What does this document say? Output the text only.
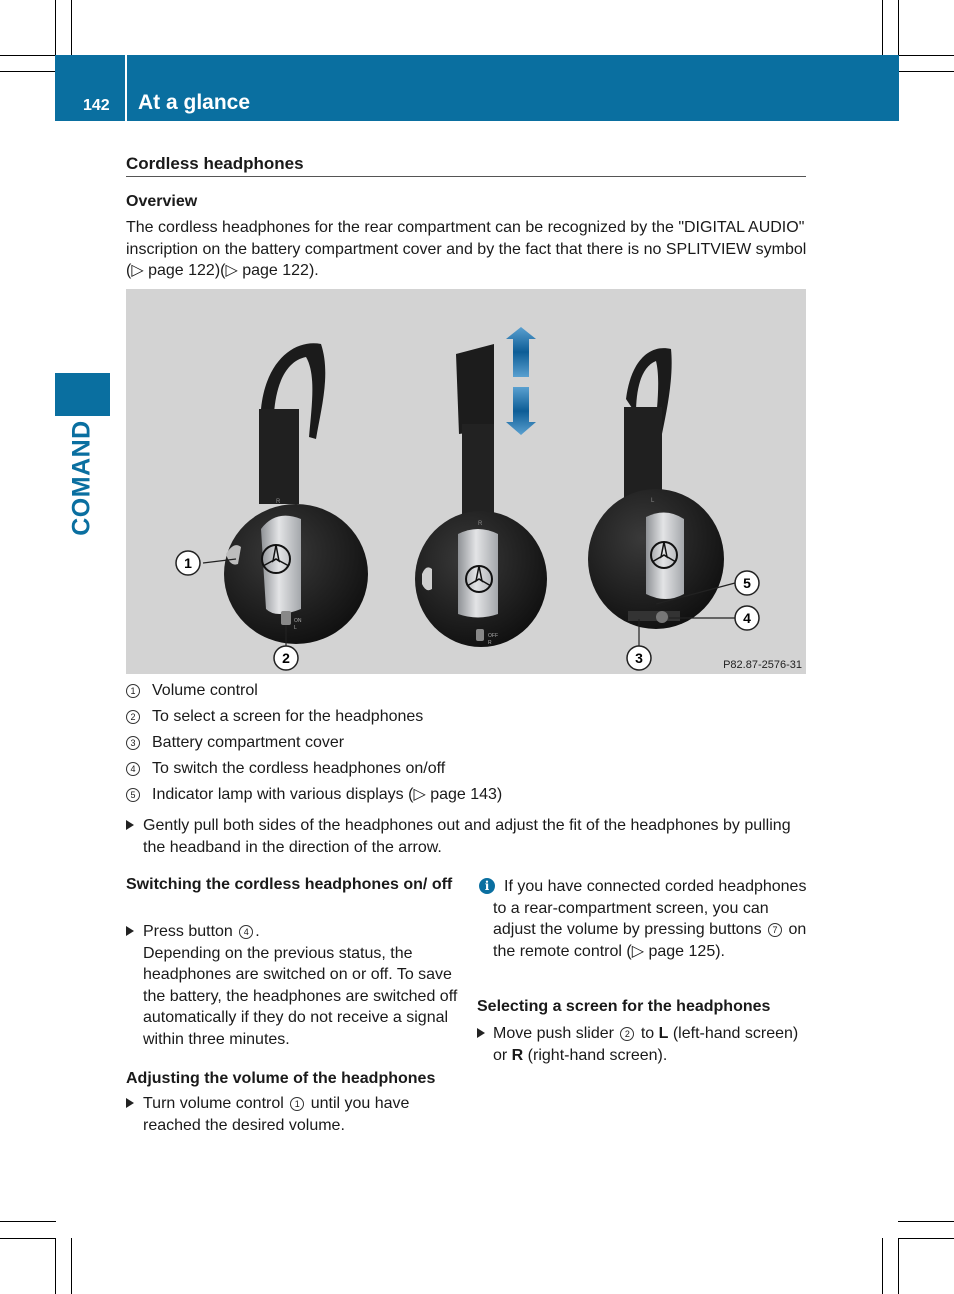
142 At a glance
COMAND
Cordless headphones
Overview
The cordless headphones for the rear compartment can be recognized by the "DIGITAL AUDIO" inscription on the battery compartment cover and by the fact that there is no SPLITVIEW symbol (▷ page 122)(▷ page 122).
1
2	3
4
5
R
R
L
ON
OFF
L
R
P82.87-2576-31
1 Volume control
2 To select a screen for the headphones
3 Battery compartment cover
4 To switch the cordless headphones on/off
5 Indicator lamp with various displays (▷ page 143)
Gently pull both sides of the headphones out and adjust the fit of the headphones by pulling the headband in the direction of the arrow.
Switching the cordless headphones on/ off
Press button 4 .
Depending on the previous status, the headphones are switched on or off. To save the battery, the headphones are switched off automatically if they do not receive a signal within three minutes.
Adjusting the volume of the headphones
Turn volume control 1 until you have reached the desired volume.
i If you have connected corded headphones to a rear-compartment screen, you can adjust the volume by pressing buttons 7 on the remote control (▷ page 125).
Selecting a screen for the headphones
Move push slider 2 to L (left-hand screen) or R (right-hand screen).
